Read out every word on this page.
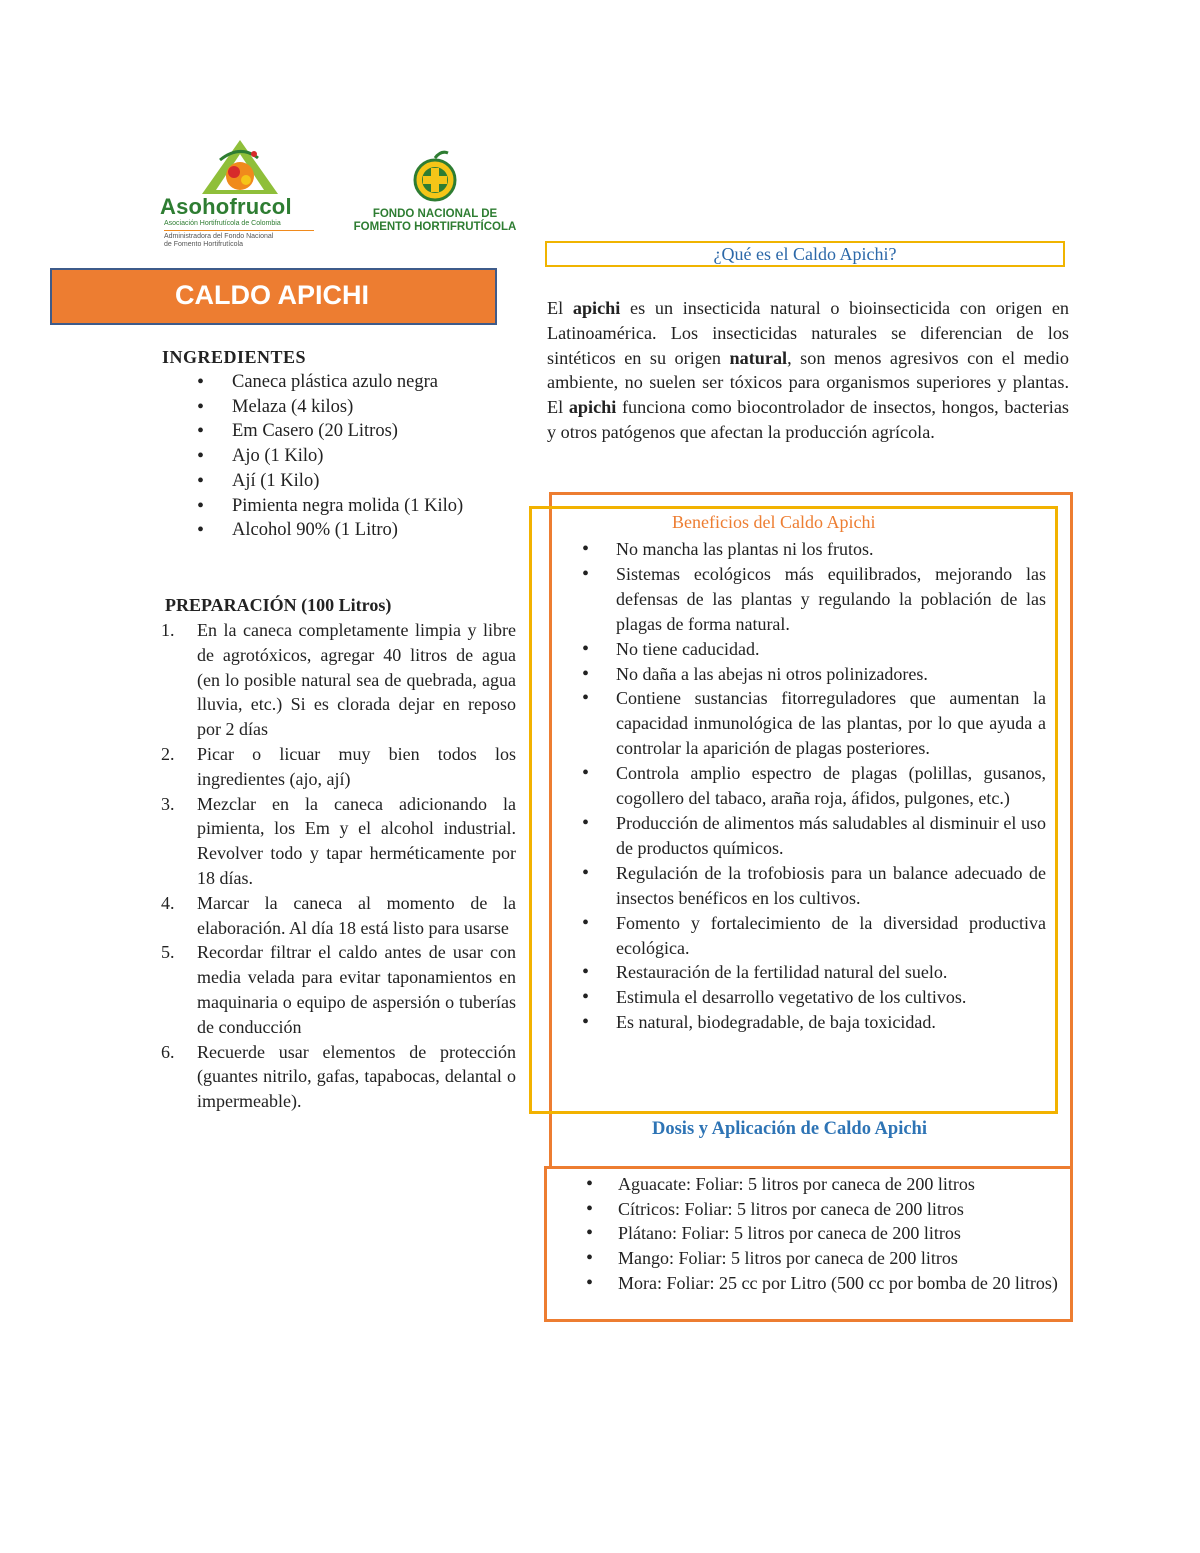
Asohofrucol
Asociación Hortifrutícola de Colombia
Administradora del Fondo Nacional
de Fomento Hortifrutícola
FONDO NACIONAL DE
FOMENTO HORTIFRUTÍCOLA
CALDO APICHI
INGREDIENTES
• Caneca plástica azulo negra
• Melaza (4 kilos)
• Em Casero (20 Litros)
• Ajo (1 Kilo)
• Ají (1 Kilo)
• Pimienta negra molida (1 Kilo)
• Alcohol 90% (1 Litro)
PREPARACIÓN (100 Litros)
1. En la caneca completamente limpia y libre de agrotóxicos, agregar 40 litros de agua (en lo posible natural sea de quebrada, agua lluvia, etc.) Si es clorada dejar en reposo por 2 días
2. Picar o licuar muy bien todos los ingredientes (ajo, ají)
3. Mezclar en la caneca adicionando la pimienta, los Em y el alcohol industrial. Revolver todo y tapar herméticamente por 18 días.
4. Marcar la caneca al momento de la elaboración. Al día 18 está listo para usarse
5. Recordar filtrar el caldo antes de usar con media velada para evitar taponamientos en maquinaria o equipo de aspersión o tuberías de conducción
6. Recuerde usar elementos de protección (guantes nitrilo, gafas, tapabocas, delantal o impermeable).
¿Qué es el Caldo Apichi?
El apichi es un insecticida natural o bioinsecticida con origen en Latinoamérica. Los insecticidas naturales se diferencian de los sintéticos en su origen natural, son menos agresivos con el medio ambiente, no suelen ser tóxicos para organismos superiores y plantas. El apichi funciona como biocontrolador de insectos, hongos, bacterias y otros patógenos que afectan la producción agrícola.
Beneficios del Caldo Apichi
• No mancha las plantas ni los frutos.
• Sistemas ecológicos más equilibrados, mejorando las defensas de las plantas y regulando la población de las plagas de forma natural.
• No tiene caducidad.
• No daña a las abejas ni otros polinizadores.
• Contiene sustancias fitorreguladores que aumentan la capacidad inmunológica de las plantas, por lo que ayuda a controlar la aparición de plagas posteriores.
• Controla amplio espectro de plagas (polillas, gusanos, cogollero del tabaco, araña roja, áfidos, pulgones, etc.)
• Producción de alimentos más saludables al disminuir el uso de productos químicos.
• Regulación de la trofobiosis para un balance adecuado de insectos benéficos en los cultivos.
• Fomento y fortalecimiento de la diversidad productiva ecológica.
• Restauración de la fertilidad natural del suelo.
• Estimula el desarrollo vegetativo de los cultivos.
• Es natural, biodegradable, de baja toxicidad.
Dosis y Aplicación de Caldo Apichi
• Aguacate: Foliar: 5 litros por caneca de 200 litros
• Cítricos: Foliar: 5 litros por caneca de 200 litros
• Plátano: Foliar: 5 litros por caneca de 200 litros
• Mango: Foliar: 5 litros por caneca de 200 litros
• Mora: Foliar: 25 cc por Litro (500 cc por bomba de 20 litros)
